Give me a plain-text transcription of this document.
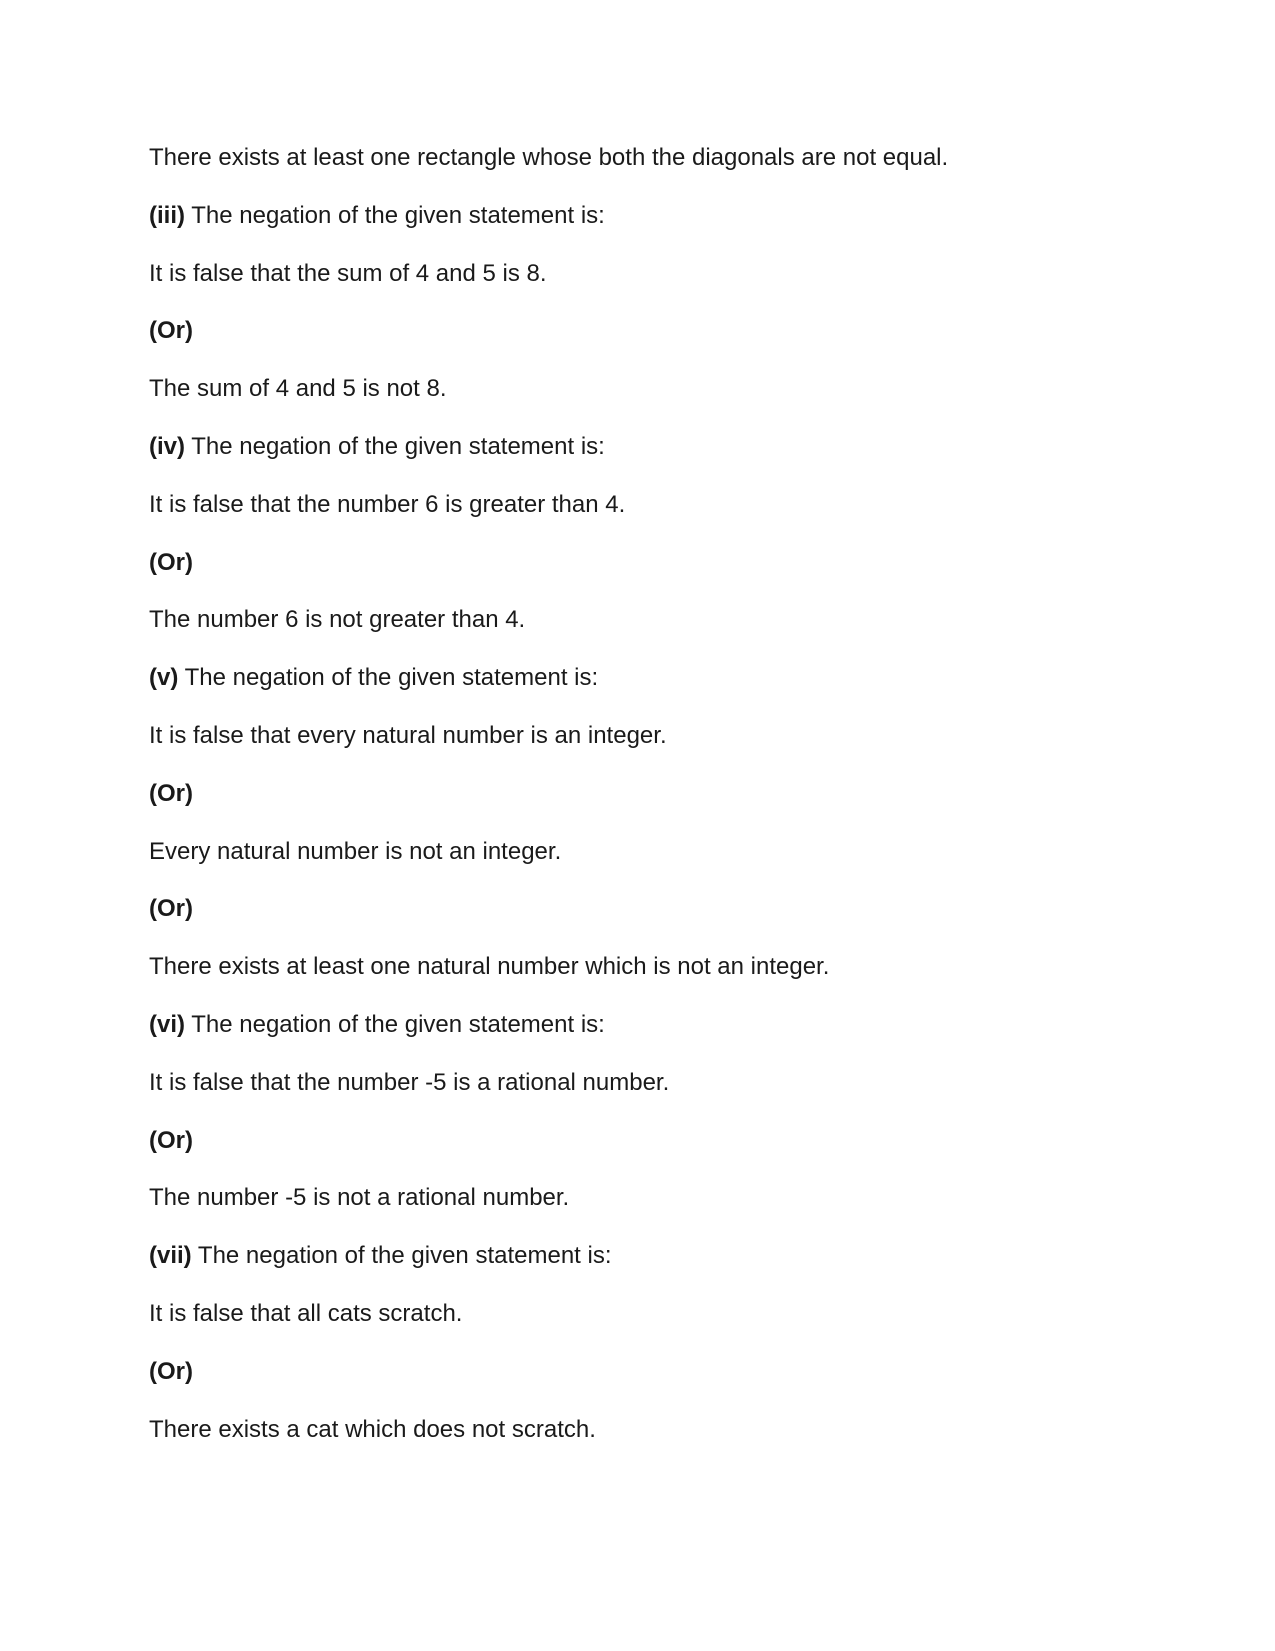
There exists at least one rectangle whose both the diagonals are not equal.
(iii) The negation of the given statement is:
It is false that the sum of 4 and 5 is 8.
(Or)
The sum of 4 and 5 is not 8.
(iv) The negation of the given statement is:
It is false that the number 6 is greater than 4.
(Or)
The number 6 is not greater than 4.
(v) The negation of the given statement is:
It is false that every natural number is an integer.
(Or)
Every natural number is not an integer.
(Or)
There exists at least one natural number which is not an integer.
(vi) The negation of the given statement is:
It is false that the number -5 is a rational number.
(Or)
The number -5 is not a rational number.
(vii) The negation of the given statement is:
It is false that all cats scratch.
(Or)
There exists a cat which does not scratch.
